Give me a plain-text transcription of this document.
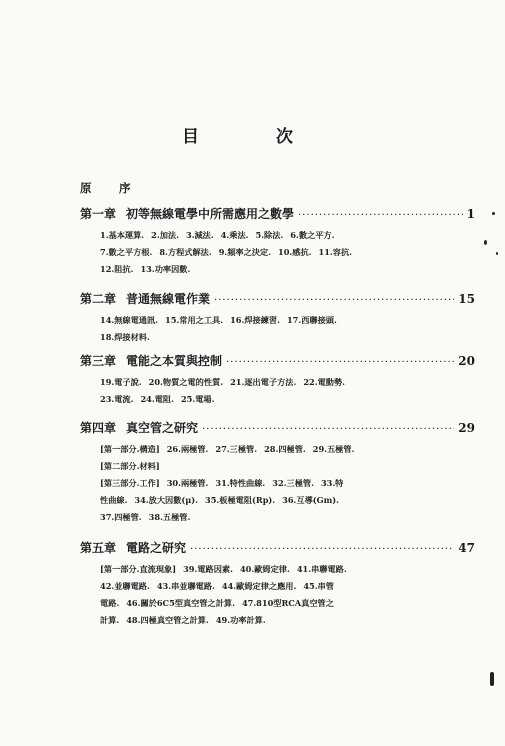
目　次
原　序
第一章 初等無線電學中所需應用之數學 ·····	1
1.基本運算. 2.加法. 3.減法. 4.乘法. 5.除法. 6.數之平方.
7.數之平方根. 8.方程式解法. 9.頻率之決定. 10.感抗. 11.容抗.
12.阻抗. 13.功率因數.
第二章 普通無線電作業 ·····	15
14.無線電通訊. 15.常用之工具. 16.焊接練習. 17.西聯接頭.
18.焊接材料.
第三章 電能之本質與控制 ·····	20
19.電子說. 20.物質之電的性質. 21.逐出電子方法. 22.電動勢.
23.電流. 24.電阻. 25.電場.
第四章 真空管之研究 ·····	29
[第一部分.構造] 26.兩極管. 27.三極管. 28.四極管. 29.五極管.
[第二部分.材料]
[第三部分.工作] 30.兩極管. 31.特性曲線. 32.三極管. 33.特
性曲線. 34.放大因數(μ). 35.板極電阻(Rp). 36.互導(Gm).
37.四極管. 38.五極管.
第五章 電路之研究 ·····	47
[第一部分.直流現象] 39.電路因素. 40.歐姆定律. 41.串聯電路.
42.並聯電路. 43.串並聯電路. 44.歐姆定律之應用. 45.串管
電路. 46.關於6C5型真空管之計算. 47.810型RCA真空管之
計算. 48.四極真空管之計算. 49.功率計算.
